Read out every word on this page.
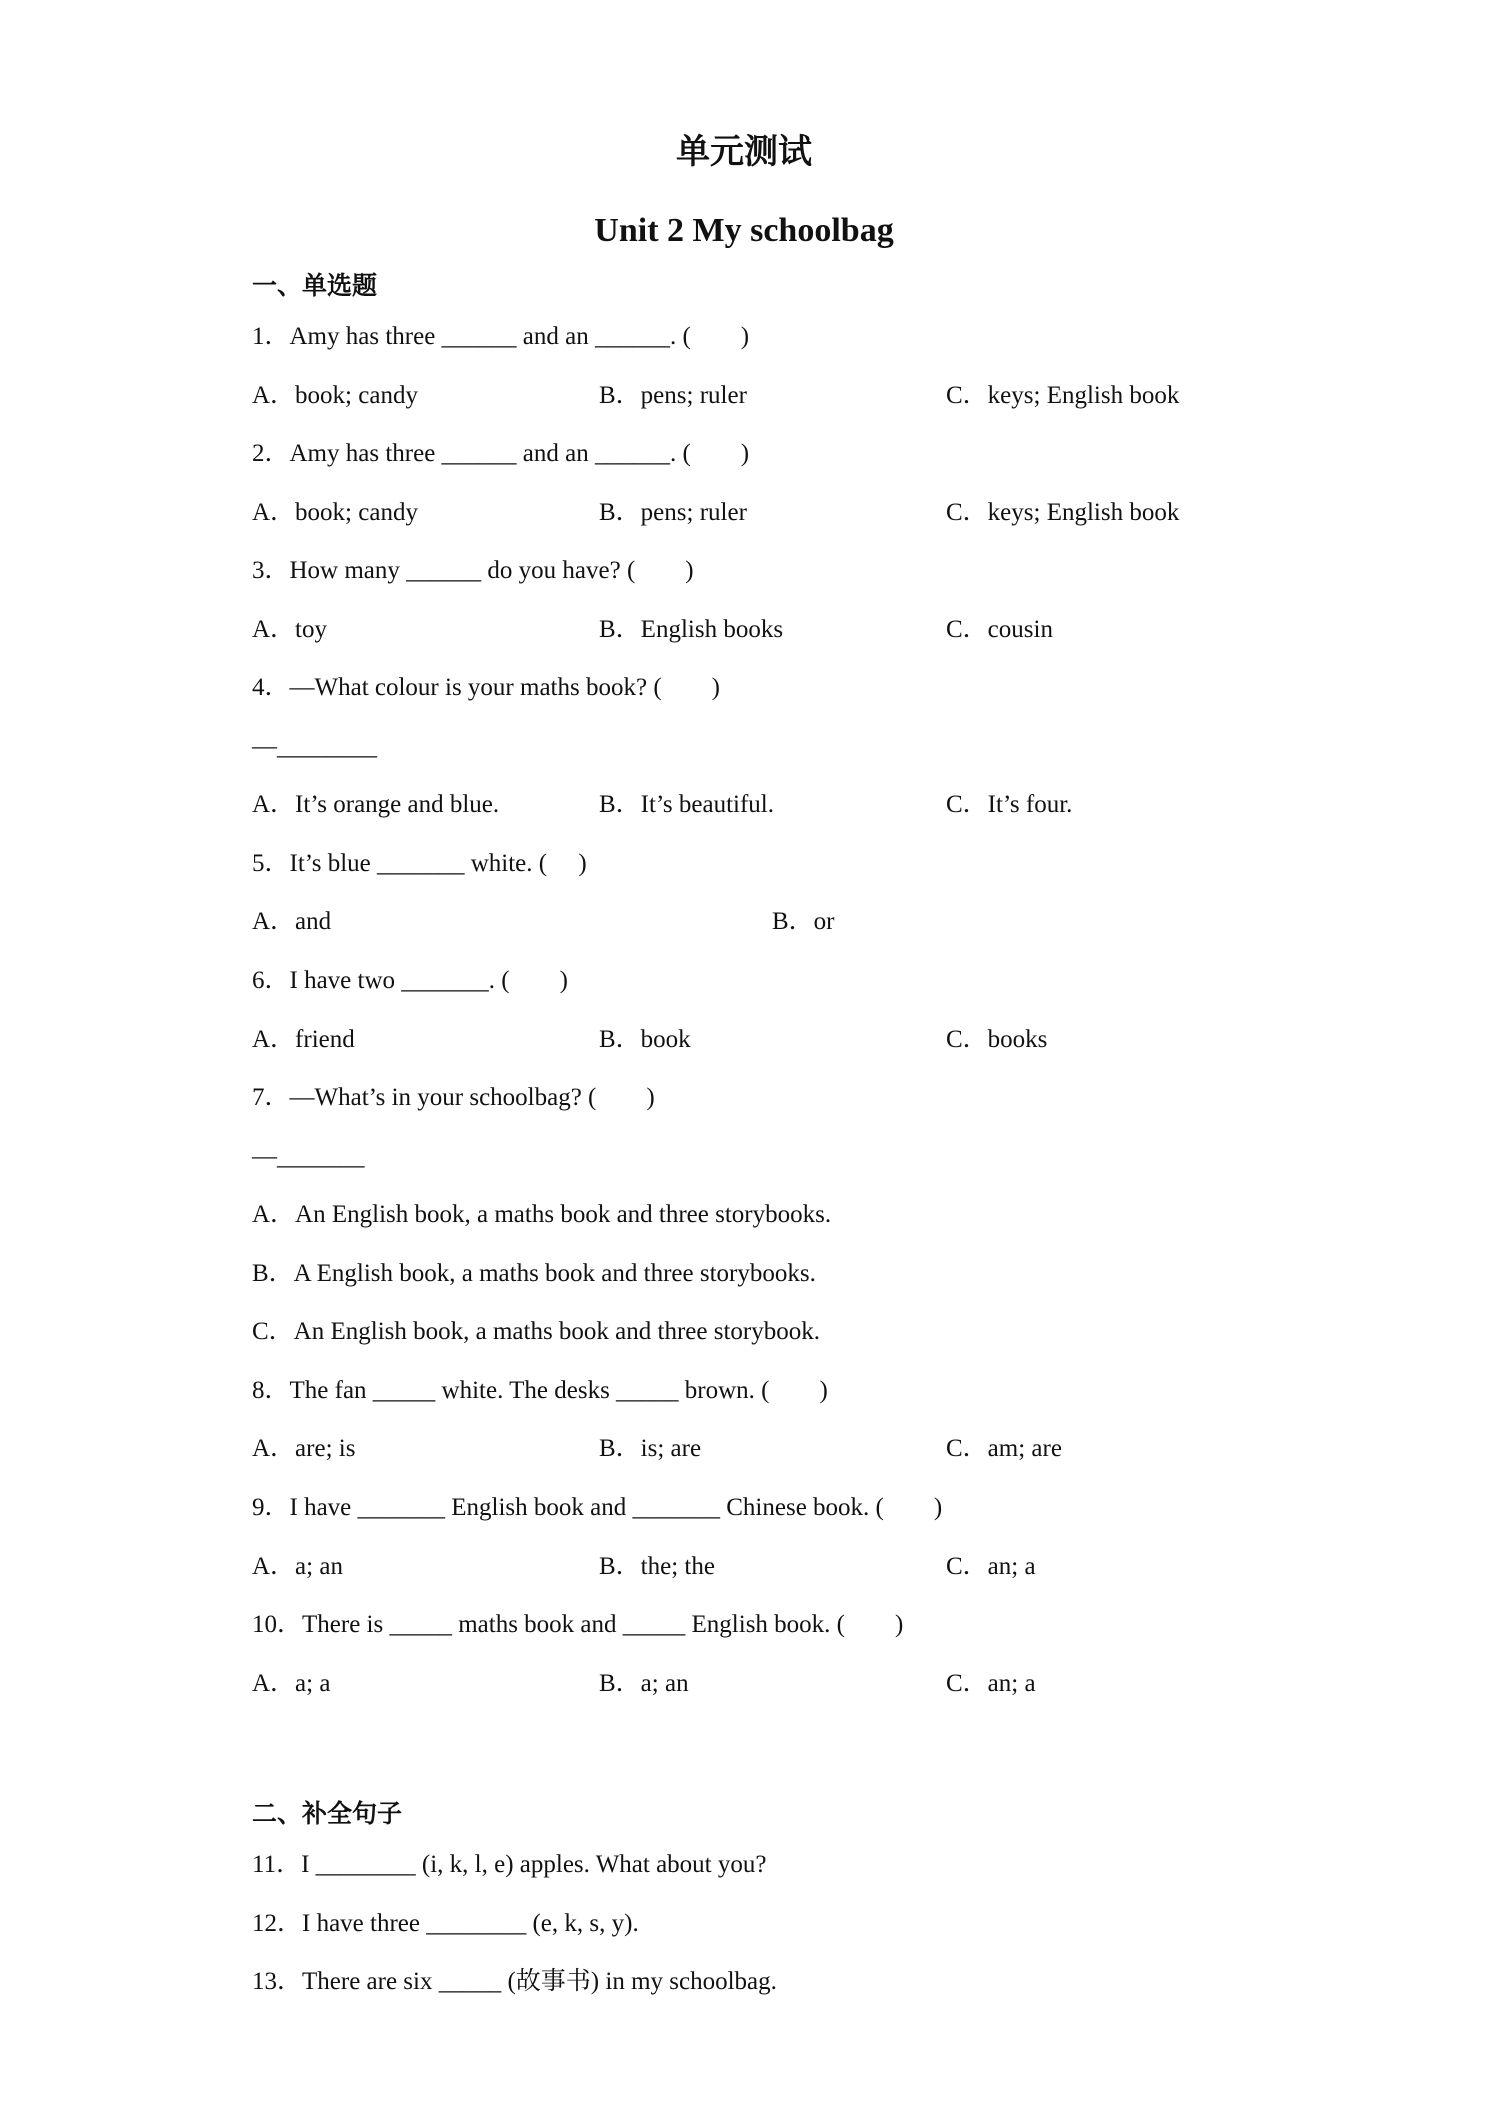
单元测试
Unit 2 My schoolbag
一、单选题
1．Amy has three ______ and an ______. (　　)
A．book; candy	B．pens; ruler	C．keys; English book
2．Amy has three ______ and an ______. (　　)
A．book; candy	B．pens; ruler	C．keys; English book
3．How many ______ do you have? (　　)
A．toy	B．English books	C．cousin
4．—What colour is your maths book? (　　)
—________
A．It’s orange and blue.	B．It’s beautiful.	C．It’s four.
5．It’s blue _______ white. (　 )
A．and	B．or
6．I have two _______. (　　)
A．friend	B．book	C．books
7．—What’s in your schoolbag? (　　)
—_______
A．An English book, a maths book and three storybooks.
B．A English book, a maths book and three storybooks.
C．An English book, a maths book and three storybook.
8．The fan _____ white. The desks _____ brown. (　　)
A．are; is	B．is; are	C．am; are
9．I have _______ English book and _______ Chinese book. (　　)
A．a; an	B．the; the	C．an; a
10．There is _____ maths book and _____ English book. (　　)
A．a; a	B．a; an	C．an; a
二、补全句子
11．I ________ (i, k, l, e) apples. What about you?
12．I have three ________ (e, k, s, y).
13．There are six _____ (故事书) in my schoolbag.
